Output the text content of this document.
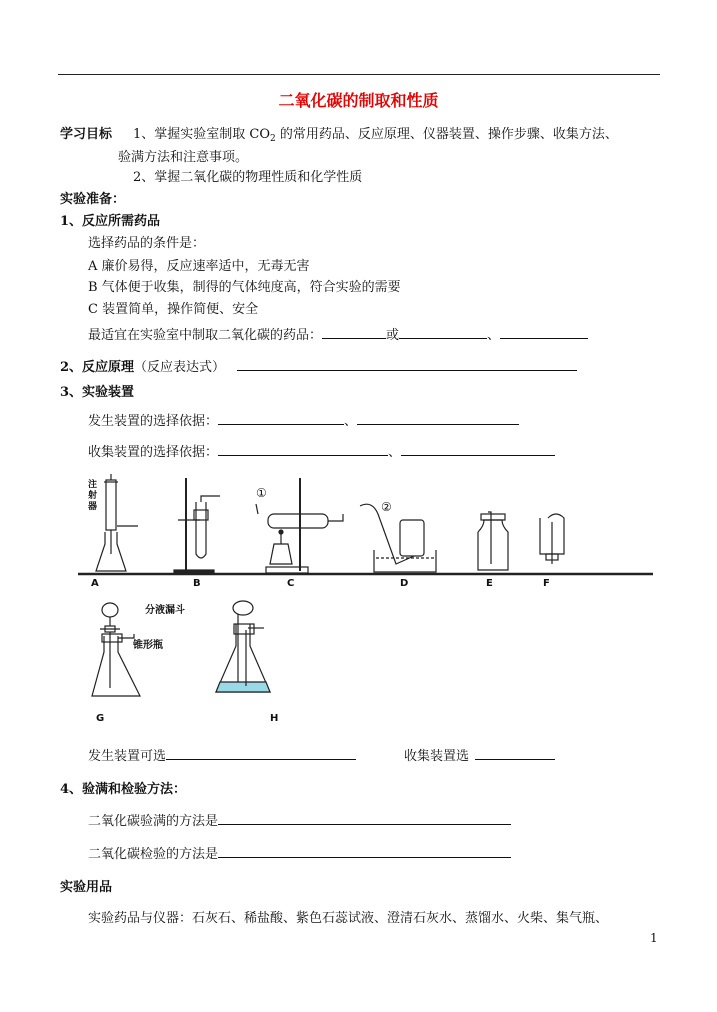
二氧化碳的制取和性质
学习目标 1、掌握实验室制取 $CO_2$ 的常用药品、反应原理、仪器装置、操作步骤、收集方法、
验满方法和注意事项。
2、掌握二氧化碳的物理性质和化学性质
实验准备：
1、反应所需药品
选择药品的条件是：
A 廉价易得，反应速率适中，无毒无害
B 气体便于收集，制得的气体纯度高，符合实验的需要
C 装置简单，操作简便、安全
最适宜在实验室中制取二氧化碳的药品：	或	、
2、反应原理（反应表达式）
3、实验装置
发生装置的选择依据：	、
收集装置的选择依据：	、
A	B	C	D	E	F
注射器
①
②
分液漏斗
锥形瓶
G	H
发生装置可选	收集装置选
4、验满和检验方法：
二氧化碳验满的方法是
二氧化碳检验的方法是
实验用品
实验药品与仪器：石灰石、稀盐酸、紫色石蕊试液、澄清石灰水、蒸馏水、火柴、集气瓶、
1
